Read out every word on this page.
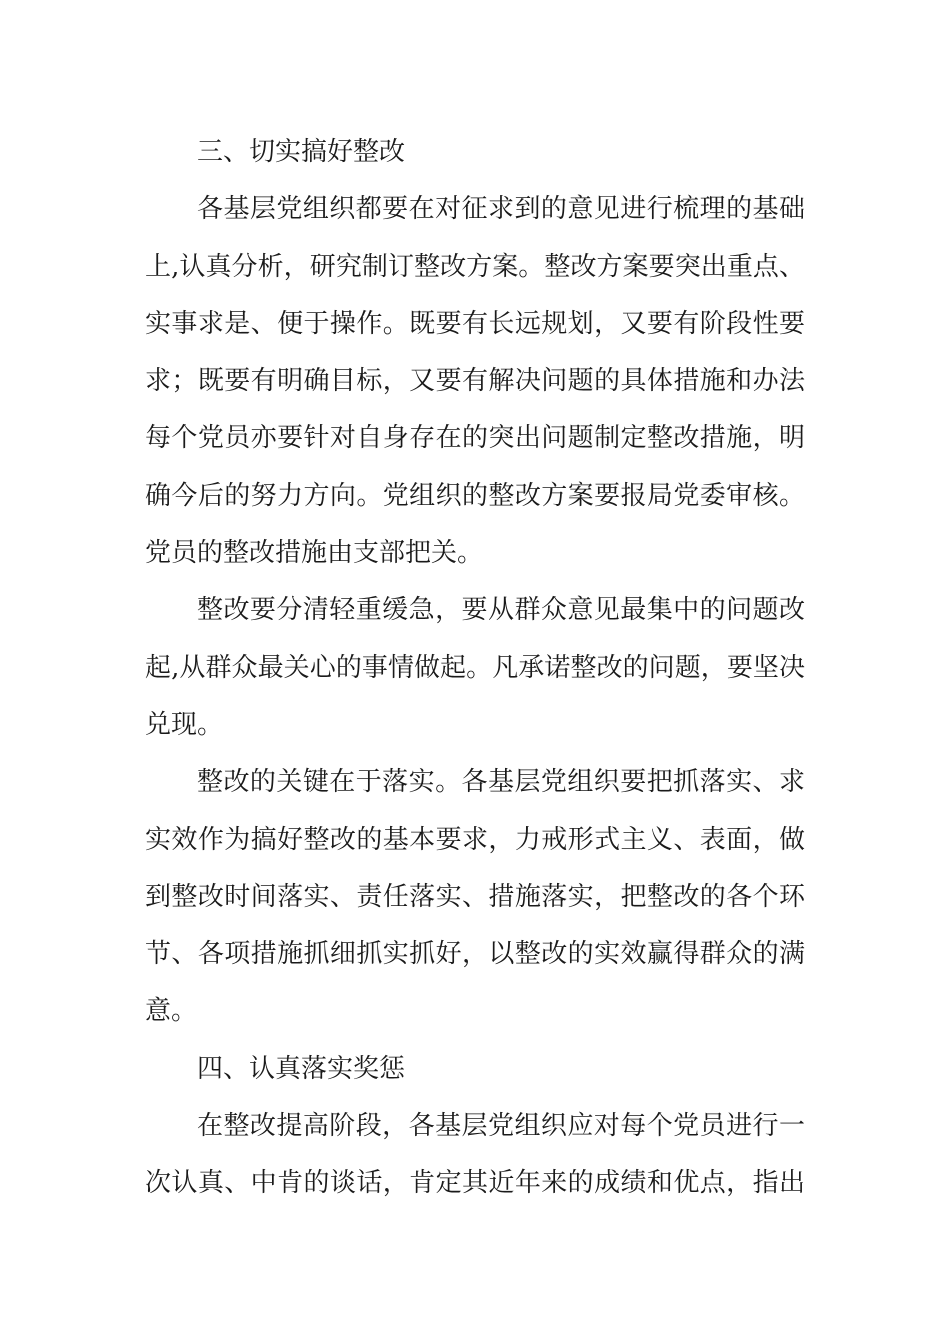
三、切实搞好整改
各基层党组织都要在对征求到的意见进行梳理的基础
上,认真分析，研究制订整改方案。整改方案要突出重点、
实事求是、便于操作。既要有长远规划，又要有阶段性要
求；既要有明确目标，又要有解决问题的具体措施和办法
每个党员亦要针对自身存在的突出问题制定整改措施，明
确今后的努力方向。党组织的整改方案要报局党委审核。
党员的整改措施由支部把关。
整改要分清轻重缓急，要从群众意见最集中的问题改
起,从群众最关心的事情做起。凡承诺整改的问题，要坚决
兑现。
整改的关键在于落实。各基层党组织要把抓落实、求
实效作为搞好整改的基本要求，力戒形式主义、表面，做
到整改时间落实、责任落实、措施落实，把整改的各个环
节、各项措施抓细抓实抓好，以整改的实效赢得群众的满
意。
四、认真落实奖惩
在整改提高阶段，各基层党组织应对每个党员进行一
次认真、中肯的谈话，肯定其近年来的成绩和优点，指出
